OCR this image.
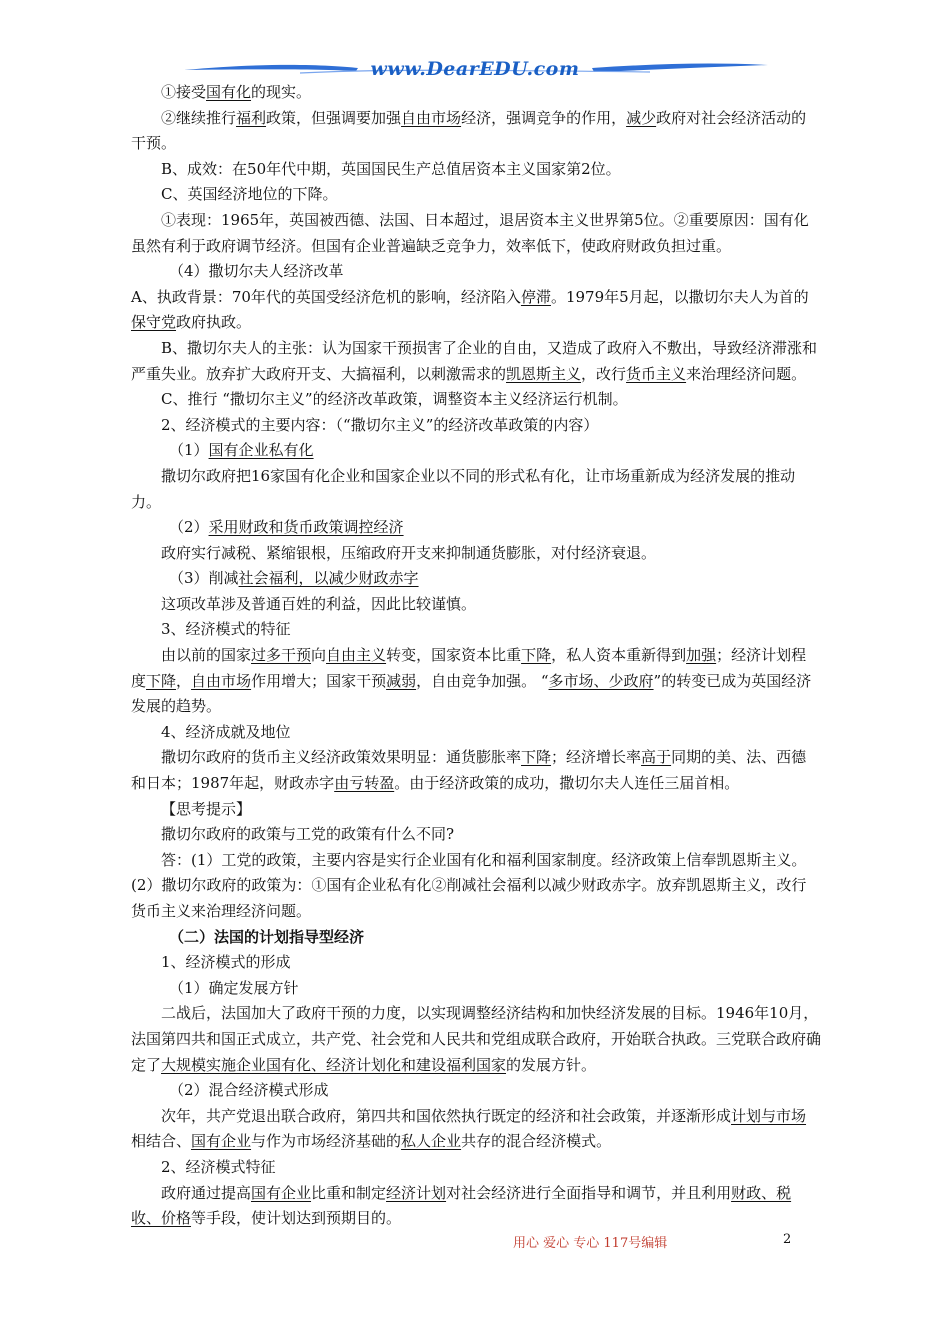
www.DearEDU.com

①接受国有化的现实。

②继续推行福利政策，但强调要加强自由市场经济，强调竞争的作用，减少政府对社会经济活动的干预。

B、成效：在50年代中期，英国国民生产总值居资本主义国家第2位。

C、英国经济地位的下降。

①表现：1965年，英国被西德、法国、日本超过，退居资本主义世界第5位。②重要原因：国有化虽然有利于政府调节经济。但国有企业普遍缺乏竞争力，效率低下，使政府财政负担过重。

（4）撒切尔夫人经济改革

A、执政背景：70年代的英国受经济危机的影响，经济陷入停滞。1979年5月起，以撒切尔夫人为首的保守党政府执政。

B、撒切尔夫人的主张：认为国家干预损害了企业的自由，又造成了政府入不敷出，导致经济滞涨和严重失业。放弃扩大政府开支、大搞福利，以刺激需求的凯恩斯主义，改行货币主义来治理经济问题。

C、推行 “撒切尔主义”的经济改革政策，调整资本主义经济运行机制。

2、经济模式的主要内容：（“撒切尔主义”的经济改革政策的内容）

（1）国有企业私有化

撒切尔政府把16家国有化企业和国家企业以不同的形式私有化，让市场重新成为经济发展的推动力。

（2）采用财政和货币政策调控经济

政府实行减税、紧缩银根，压缩政府开支来抑制通货膨胀，对付经济衰退。

（3）削减社会福利，以减少财政赤字

这项改革涉及普通百姓的利益，因此比较谨慎。

3、经济模式的特征

由以前的国家过多干预向自由主义转变，国家资本比重下降，私人资本重新得到加强；经济计划程度下降，自由市场作用增大；国家干预减弱，自由竞争加强。 “多市场、少政府”的转变已成为英国经济发展的趋势。

4、经济成就及地位

撒切尔政府的货币主义经济政策效果明显：通货膨胀率下降；经济增长率高于同期的美、法、西德和日本；1987年起，财政赤字由亏转盈。由于经济政策的成功，撒切尔夫人连任三届首相。

【思考提示】

撒切尔政府的政策与工党的政策有什么不同?

答：(1）工党的政策，主要内容是实行企业国有化和福利国家制度。经济政策上信奉凯恩斯主义。(2）撒切尔政府的政策为：①国有企业私有化②削减社会福利以减少财政赤字。放弃凯恩斯主义，改行货币主义来治理经济问题。

（二）法国的计划指导型经济

1、经济模式的形成

（1）确定发展方针

二战后，法国加大了政府干预的力度，以实现调整经济结构和加快经济发展的目标。1946年10月，法国第四共和国正式成立，共产党、社会党和人民共和党组成联合政府，开始联合执政。三党联合政府确定了大规模实施企业国有化、经济计划化和建设福利国家的发展方针。

（2）混合经济模式形成

次年，共产党退出联合政府，第四共和国依然执行既定的经济和社会政策，并逐渐形成计划与市场相结合、国有企业与作为市场经济基础的私人企业共存的混合经济模式。

2、经济模式特征

政府通过提高国有企业比重和制定经济计划对社会经济进行全面指导和调节，并且利用财政、税收、价格等手段，使计划达到预期目的。

用心 爱心 专心 117号编辑	2
